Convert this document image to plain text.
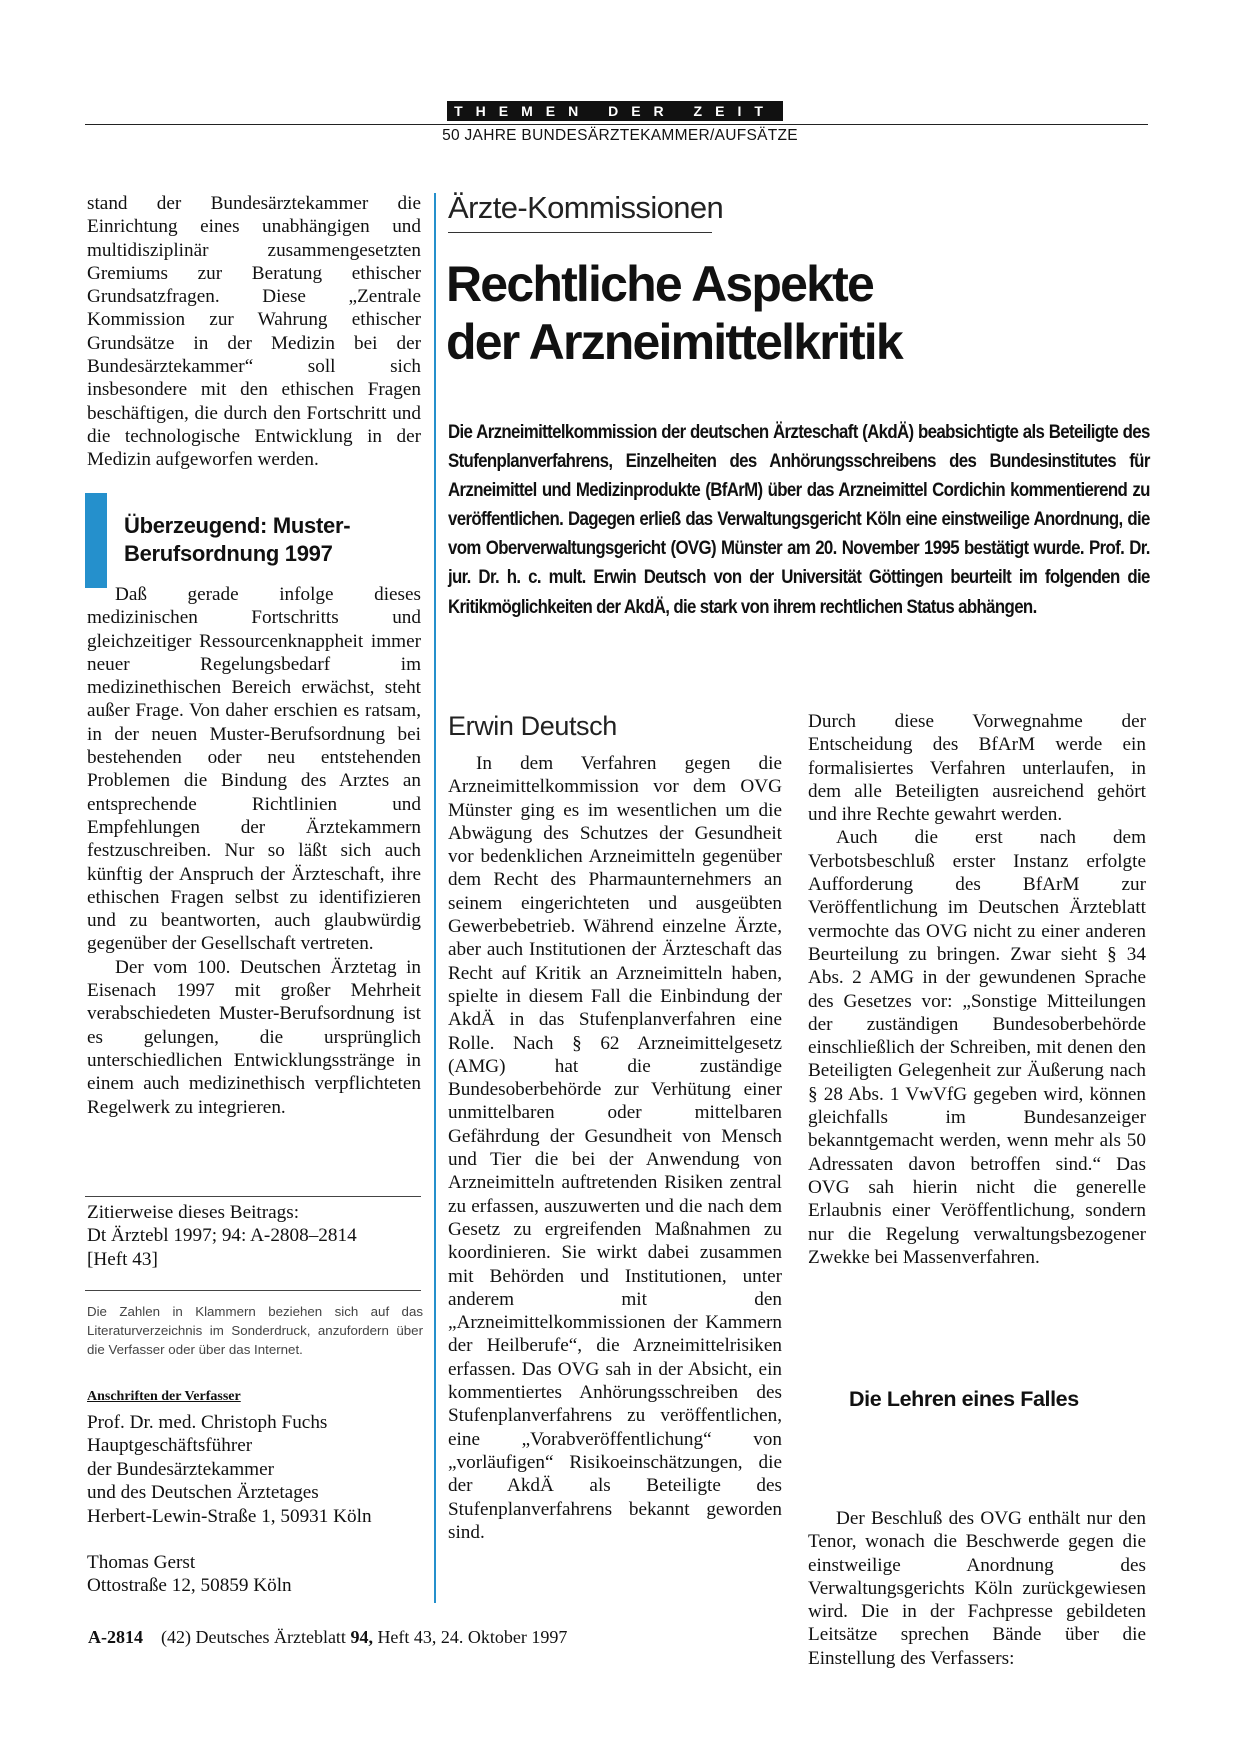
THEMEN DER ZEIT
50 JAHRE BUNDESÄRZTEKAMMER/AUFSÄTZE

stand der Bundesärztekammer die Einrichtung eines unabhängigen und multidisziplinär zusammengesetzten Gremiums zur Beratung ethischer Grundsatzfragen. Diese „Zentrale Kommission zur Wahrung ethischer Grundsätze in der Medizin bei der Bundesärztekammer“ soll sich insbesondere mit den ethischen Fragen beschäftigen, die durch den Fortschritt und die technologische Entwicklung in der Medizin aufgeworfen werden.

Überzeugend: Muster-
Berufsordnung 1997

Daß gerade infolge dieses medizinischen Fortschritts und gleichzeitiger Ressourcenknappheit immer neuer Regelungsbedarf im medizinethischen Bereich erwächst, steht außer Frage. Von daher erschien es ratsam, in der neuen Muster-Berufsordnung bei bestehenden oder neu entstehenden Problemen die Bindung des Arztes an entsprechende Richtlinien und Empfehlungen der Ärztekammern festzuschreiben. Nur so läßt sich auch künftig der Anspruch der Ärzteschaft, ihre ethischen Fragen selbst zu identifizieren und zu beantworten, auch glaubwürdig gegenüber der Gesellschaft vertreten.

Der vom 100. Deutschen Ärztetag in Eisenach 1997 mit großer Mehrheit verabschiedeten Muster-Berufsordnung ist es gelungen, die ursprünglich unterschiedlichen Entwicklungsstränge in einem auch medizinethisch verpflichteten Regelwerk zu integrieren.

Zitierweise dieses Beitrags:
Dt Ärztebl 1997; 94: A-2808–2814
[Heft 43]
Die Zahlen in Klammern beziehen sich auf das Literaturverzeichnis im Sonderdruck, anzufordern über die Verfasser oder über das Internet.
Anschriften der Verfasser

Prof. Dr. med. Christoph Fuchs

Hauptgeschäftsführer

der Bundesärztekammer

und des Deutschen Ärztetages

Herbert-Lewin-Straße 1, 50931 Köln

Thomas Gerst

Ottostraße 12, 50859 Köln

Ärzte-Kommissionen
Rechtliche Aspekte
der Arzneimittelkritik
Die Arzneimittelkommission der deutschen Ärzteschaft (AkdÄ) beabsichtigte als Beteiligte des Stufenplanverfahrens, Einzelheiten des Anhörungsschreibens des Bundesinstitutes für Arzneimittel und Medizinprodukte (BfArM) über das Arzneimittel Cordichin kommentierend zu veröffentlichen. Dagegen erließ das Verwaltungsgericht Köln eine einstweilige Anordnung, die vom Oberverwaltungsgericht (OVG) Münster am 20. November 1995 bestätigt wurde. Prof. Dr. jur. Dr. h. c. mult. Erwin Deutsch von der Universität Göttingen beurteilt im folgenden die Kritikmöglichkeiten der AkdÄ, die stark von ihrem rechtlichen Status abhängen.
Erwin Deutsch

In dem Verfahren gegen die Arzneimittelkommission vor dem OVG Münster ging es im wesentlichen um die Abwägung des Schutzes der Gesundheit vor bedenklichen Arzneimitteln gegenüber dem Recht des Pharmaunternehmers an seinem eingerichteten und ausgeübten Gewerbebetrieb. Während einzelne Ärzte, aber auch Institutionen der Ärzteschaft das Recht auf Kritik an Arzneimitteln haben, spielte in diesem Fall die Einbindung der AkdÄ in das Stufenplanverfahren eine Rolle. Nach § 62 Arzneimittelgesetz (AMG) hat die zuständige Bundesoberbehörde zur Verhütung einer unmittelbaren oder mittelbaren Gefährdung der Gesundheit von Mensch und Tier die bei der Anwendung von Arzneimitteln auftretenden Risiken zentral zu erfassen, auszuwerten und die nach dem Gesetz zu ergreifenden Maßnahmen zu koordinieren. Sie wirkt dabei zusammen mit Behörden und Institutionen, unter anderem mit den „Arzneimittelkommissionen der Kammern der Heilberufe“, die Arzneimittelrisiken erfassen. Das OVG sah in der Absicht, ein kommentiertes Anhörungsschreiben des Stufenplanverfahrens zu veröffentlichen, eine „Vorabveröffentlichung“ von „vorläufigen“ Risikoeinschätzungen, die der AkdÄ als Beteiligte des Stufenplanverfahrens bekannt geworden sind.

Durch diese Vorwegnahme der Entscheidung des BfArM werde ein formalisiertes Verfahren unterlaufen, in dem alle Beteiligten ausreichend gehört und ihre Rechte gewahrt werden.

Auch die erst nach dem Verbotsbeschluß erster Instanz erfolgte Aufforderung des BfArM zur Veröffentlichung im Deutschen Ärzteblatt vermochte das OVG nicht zu einer anderen Beurteilung zu bringen. Zwar sieht § 34 Abs. 2 AMG in der gewundenen Sprache des Gesetzes vor: „Sonstige Mitteilungen der zuständigen Bundesoberbehörde einschließlich der Schreiben, mit denen den Beteiligten Gelegenheit zur Äußerung nach § 28 Abs. 1 VwVfG gegeben wird, können gleichfalls im Bundesanzeiger bekanntgemacht werden, wenn mehr als 50 Adressaten davon betroffen sind.“ Das OVG sah hierin nicht die generelle Erlaubnis einer Veröffentlichung, sondern nur die Regelung verwaltungsbezogener Zwekke bei Massenverfahren.

Die Lehren eines Falles

Der Beschluß des OVG enthält nur den Tenor, wonach die Beschwerde gegen die einstweilige Anordnung des Verwaltungsgerichts Köln zurückgewiesen wird. Die in der Fachpresse gebildeten Leitsätze sprechen Bände über die Einstellung des Verfassers:

A-2814 (42) Deutsches Ärzteblatt 94, Heft 43, 24. Oktober 1997
